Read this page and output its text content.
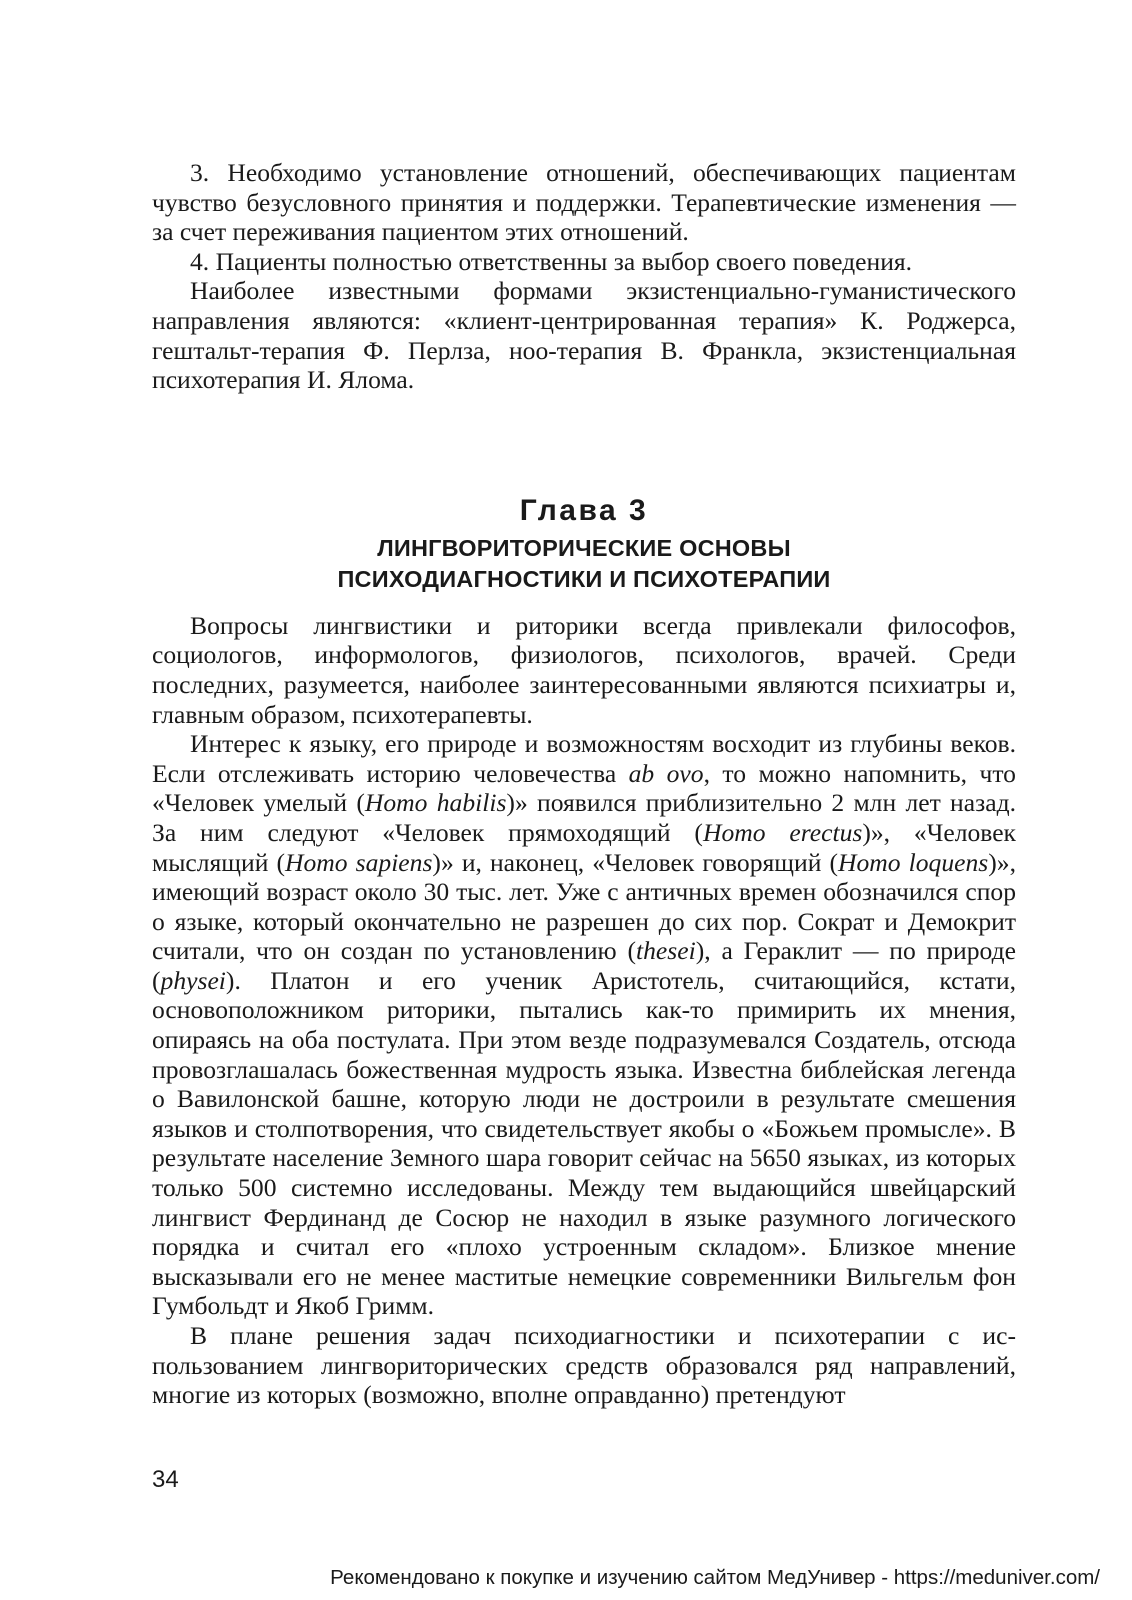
3. Необходимо установление отношений, обеспечивающих пациентам чувство безусловного принятия и поддержки. Терапевтические изменения — за счет переживания пациентом этих отношений.

4. Пациенты полностью ответственны за выбор своего поведения.

Наиболее известными формами экзистенциально-гуманистического направления являются: «клиент-центрированная терапия» К. Роджерса, гештальт-терапия Ф. Перлза, ноо-терапия В. Франкла, экзистенциальная психотерапия И. Ялома.

Глава 3
ЛИНГВОРИТОРИЧЕСКИЕ ОСНОВЫ
ПСИХОДИАГНОСТИКИ И ПСИХОТЕРАПИИ

Вопросы лингвистики и риторики всегда привлекали философов, социологов, информологов, физиологов, психологов, врачей. Среди последних, разумеется, наиболее заинтересованными являются психиатры и, главным образом, психотерапевты.

Интерес к языку, его природе и возможностям восходит из глубины веков. Если отслеживать историю человечества ab ovo, то можно напомнить, что «Человек умелый (Homo habilis)» появился приблизительно 2 млн лет назад. За ним следуют «Человек прямоходящий (Homo erectus)», «Человек мыслящий (Homo sapiens)» и, наконец, «Человек говорящий (Homo loquens)», имеющий возраст около 30 тыс. лет. Уже с античных времен обозначился спор о языке, который окончательно не разрешен до сих пор. Сократ и Демокрит считали, что он создан по установлению (thesei), а Гераклит — по природе (physei). Платон и его ученик Аристотель, считающийся, кстати, основоположником риторики, пытались как-то примирить их мнения, опираясь на оба постулата. При этом везде подразумевался Создатель, отсюда провозглашалась божественная мудрость языка. Известна библейская легенда о Вавилонской башне, которую люди не достроили в результате смешения языков и столпотворения, что свидетельствует якобы о «Божьем промысле». В результате население Земного шара говорит сейчас на 5650 языках, из которых только 500 системно исследованы. Между тем выдающийся швейцарский лингвист Фердинанд де Сосюр не находил в языке разумного логического порядка и считал его «плохо устроенным складом». Близкое мнение высказывали его не менее маститые немецкие современники Вильгельм фон Гумбольдт и Якоб Гримм.

В плане решения задач психодиагностики и психотерапии с использованием лингвориторических средств образовался ряд направлений, многие из которых (возможно, вполне оправданно) претендуют

34
Рекомендовано к покупке и изучению сайтом МедУнивер - https://meduniver.com/
